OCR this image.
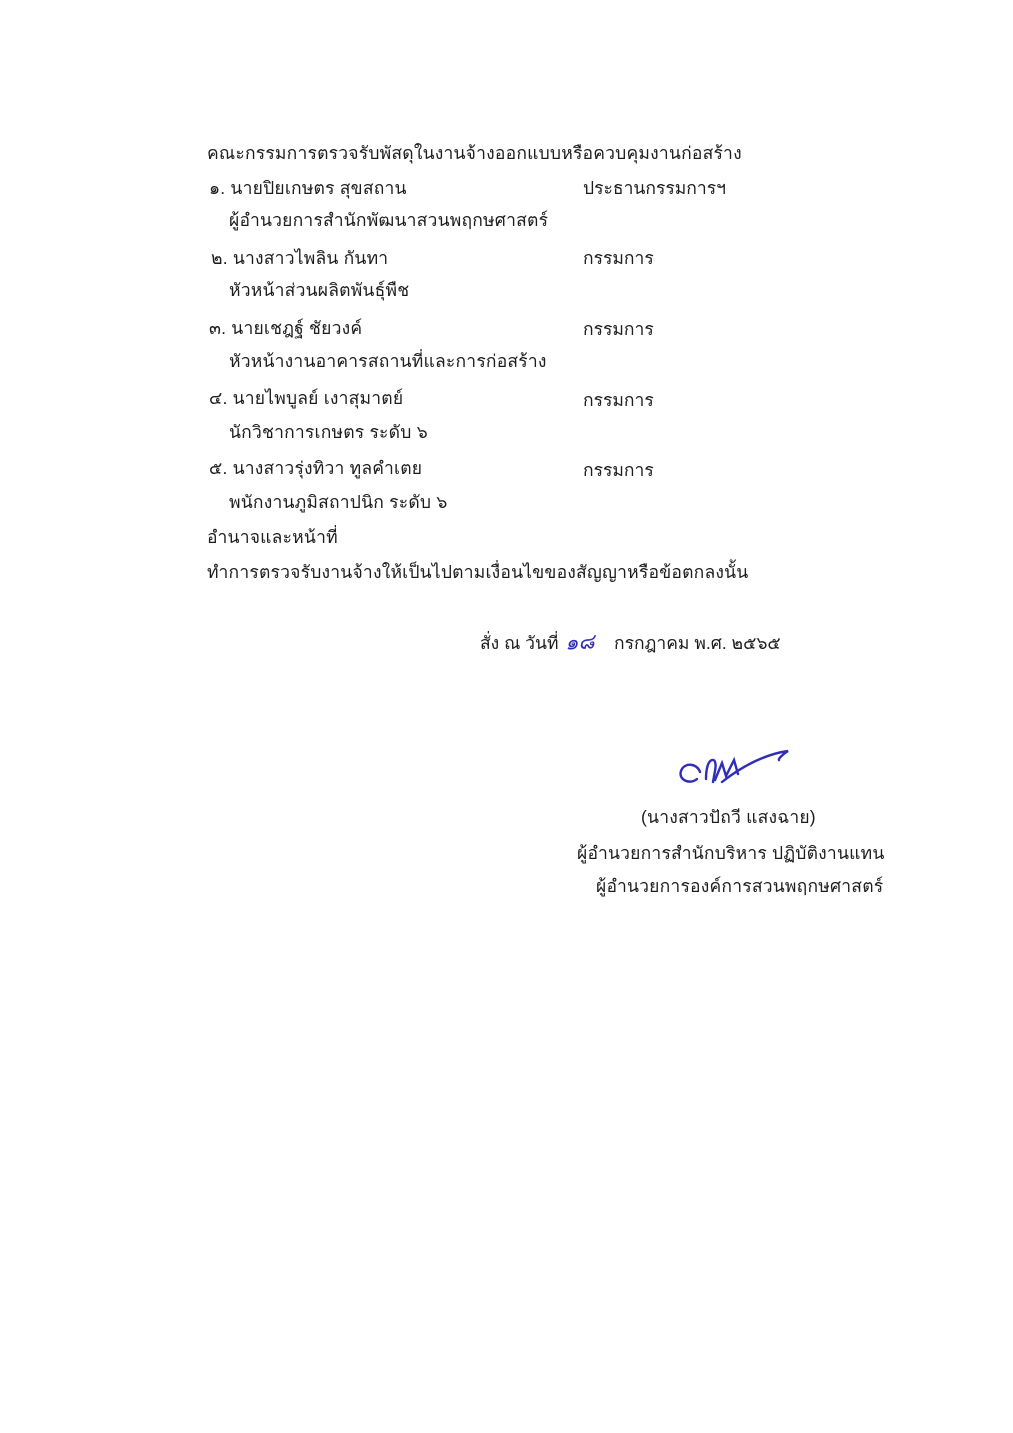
คณะกรรมการตรวจรับพัสดุในงานจ้างออกแบบหรือควบคุมงานก่อสร้าง
๑. นายปิยเกษตร สุขสถาน	ประธานกรรมการฯ
ผู้อำนวยการสำนักพัฒนาสวนพฤกษศาสตร์
๒. นางสาวไพลิน กันทา	กรรมการ
หัวหน้าส่วนผลิตพันธุ์พืช
๓. นายเชฎฐ์ ชัยวงค์	กรรมการ
หัวหน้างานอาคารสถานที่และการก่อสร้าง
๔. นายไพบูลย์ เงาสุมาตย์	กรรมการ
นักวิชาการเกษตร ระดับ ๖
๕. นางสาวรุ่งทิวา ทูลคำเตย	กรรมการ
พนักงานภูมิสถาปนิก ระดับ ๖
อำนาจและหน้าที่
ทำการตรวจรับงานจ้างให้เป็นไปตามเงื่อนไขของสัญญาหรือข้อตกลงนั้น
สั่ง ณ วันที่ ๑๘ กรกฎาคม พ.ศ. ๒๕๖๕
(นางสาวปัถวี แสงฉาย)
ผู้อำนวยการสำนักบริหาร ปฏิบัติงานแทน
ผู้อำนวยการองค์การสวนพฤกษศาสตร์
